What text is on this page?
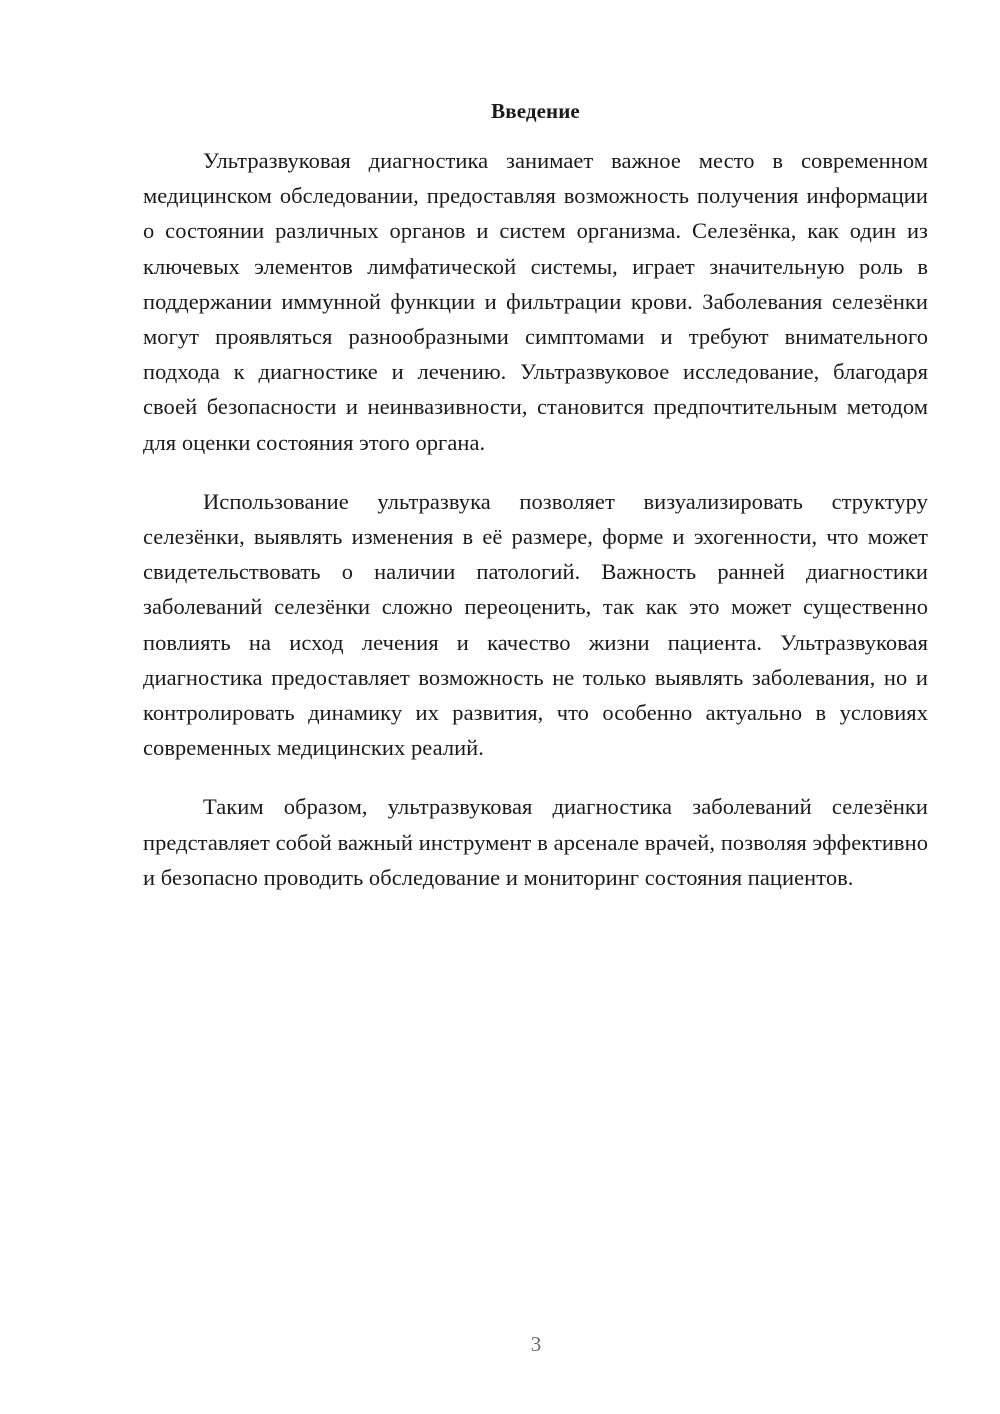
Введение

Ультразвуковая диагностика занимает важное место в современном медицинском обследовании, предоставляя возможность получения информации о состоянии различных органов и систем организма. Селезёнка, как один из ключевых элементов лимфатической системы, играет значительную роль в поддержании иммунной функции и фильтрации крови. Заболевания селезёнки могут проявляться разнообразными симптомами и требуют внимательного подхода к диагностике и лечению. Ультразвуковое исследование, благодаря своей безопасности и неинвазивности, становится предпочтительным методом для оценки состояния этого органа.

Использование ультразвука позволяет визуализировать структуру селезёнки, выявлять изменения в её размере, форме и эхогенности, что может свидетельствовать о наличии патологий. Важность ранней диагностики заболеваний селезёнки сложно переоценить, так как это может существенно повлиять на исход лечения и качество жизни пациента. Ультразвуковая диагностика предоставляет возможность не только выявлять заболевания, но и контролировать динамику их развития, что особенно актуально в условиях современных медицинских реалий.

Таким образом, ультразвуковая диагностика заболеваний селезёнки представляет собой важный инструмент в арсенале врачей, позволяя эффективно и безопасно проводить обследование и мониторинг состояния пациентов.

3
